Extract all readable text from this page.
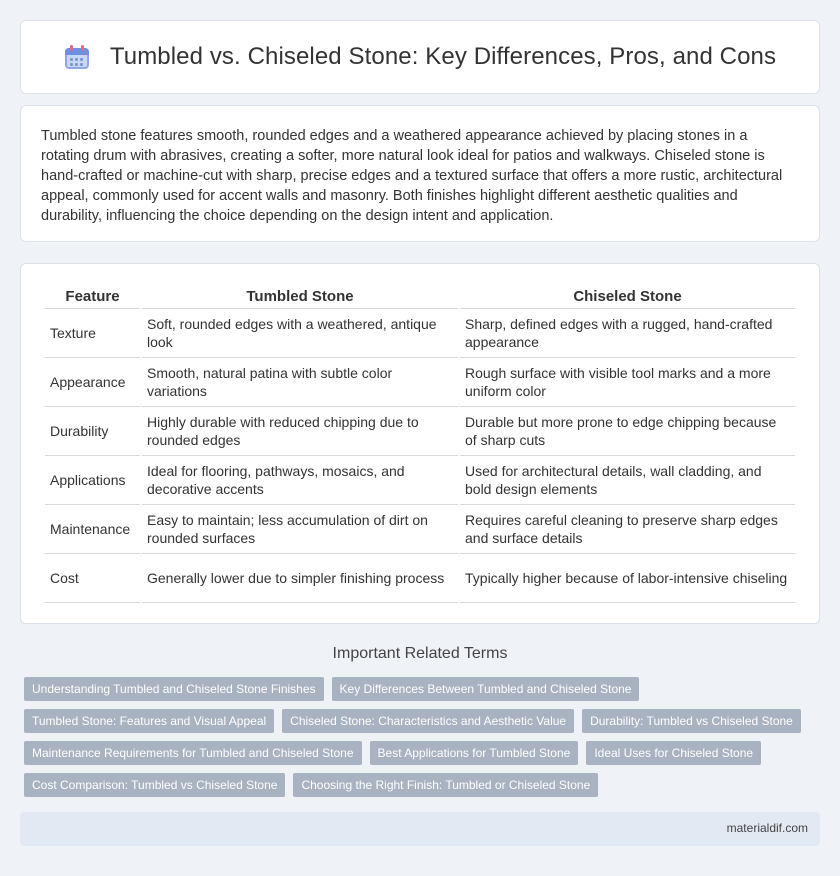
Tumbled vs. Chiseled Stone: Key Differences, Pros, and Cons

Tumbled stone features smooth, rounded edges and a weathered appearance achieved by placing stones in a rotating drum with abrasives, creating a softer, more natural look ideal for patios and walkways. Chiseled stone is hand-crafted or machine-cut with sharp, precise edges and a textured surface that offers a more rustic, architectural appeal, commonly used for accent walls and masonry. Both finishes highlight different aesthetic qualities and durability, influencing the choice depending on the design intent and application.

Feature	Tumbled Stone	Chiseled Stone
Texture	Soft, rounded edges with a weathered, antique look	Sharp, defined edges with a rugged, hand-crafted appearance
Appearance	Smooth, natural patina with subtle color variations	Rough surface with visible tool marks and a more uniform color
Durability	Highly durable with reduced chipping due to rounded edges	Durable but more prone to edge chipping because of sharp cuts
Applications	Ideal for flooring, pathways, mosaics, and decorative accents	Used for architectural details, wall cladding, and bold design elements
Maintenance	Easy to maintain; less accumulation of dirt on rounded surfaces	Requires careful cleaning to preserve sharp edges and surface details
Cost	Generally lower due to simpler finishing process	Typically higher because of labor-intensive chiseling
Important Related Terms
Understanding Tumbled and Chiseled Stone Finishes	Key Differences Between Tumbled and Chiseled Stone
Tumbled Stone: Features and Visual Appeal	Chiseled Stone: Characteristics and Aesthetic Value	Durability: Tumbled vs Chiseled Stone
Maintenance Requirements for Tumbled and Chiseled Stone	Best Applications for Tumbled Stone	Ideal Uses for Chiseled Stone
Cost Comparison: Tumbled vs Chiseled Stone	Choosing the Right Finish: Tumbled or Chiseled Stone
materialdif.com
